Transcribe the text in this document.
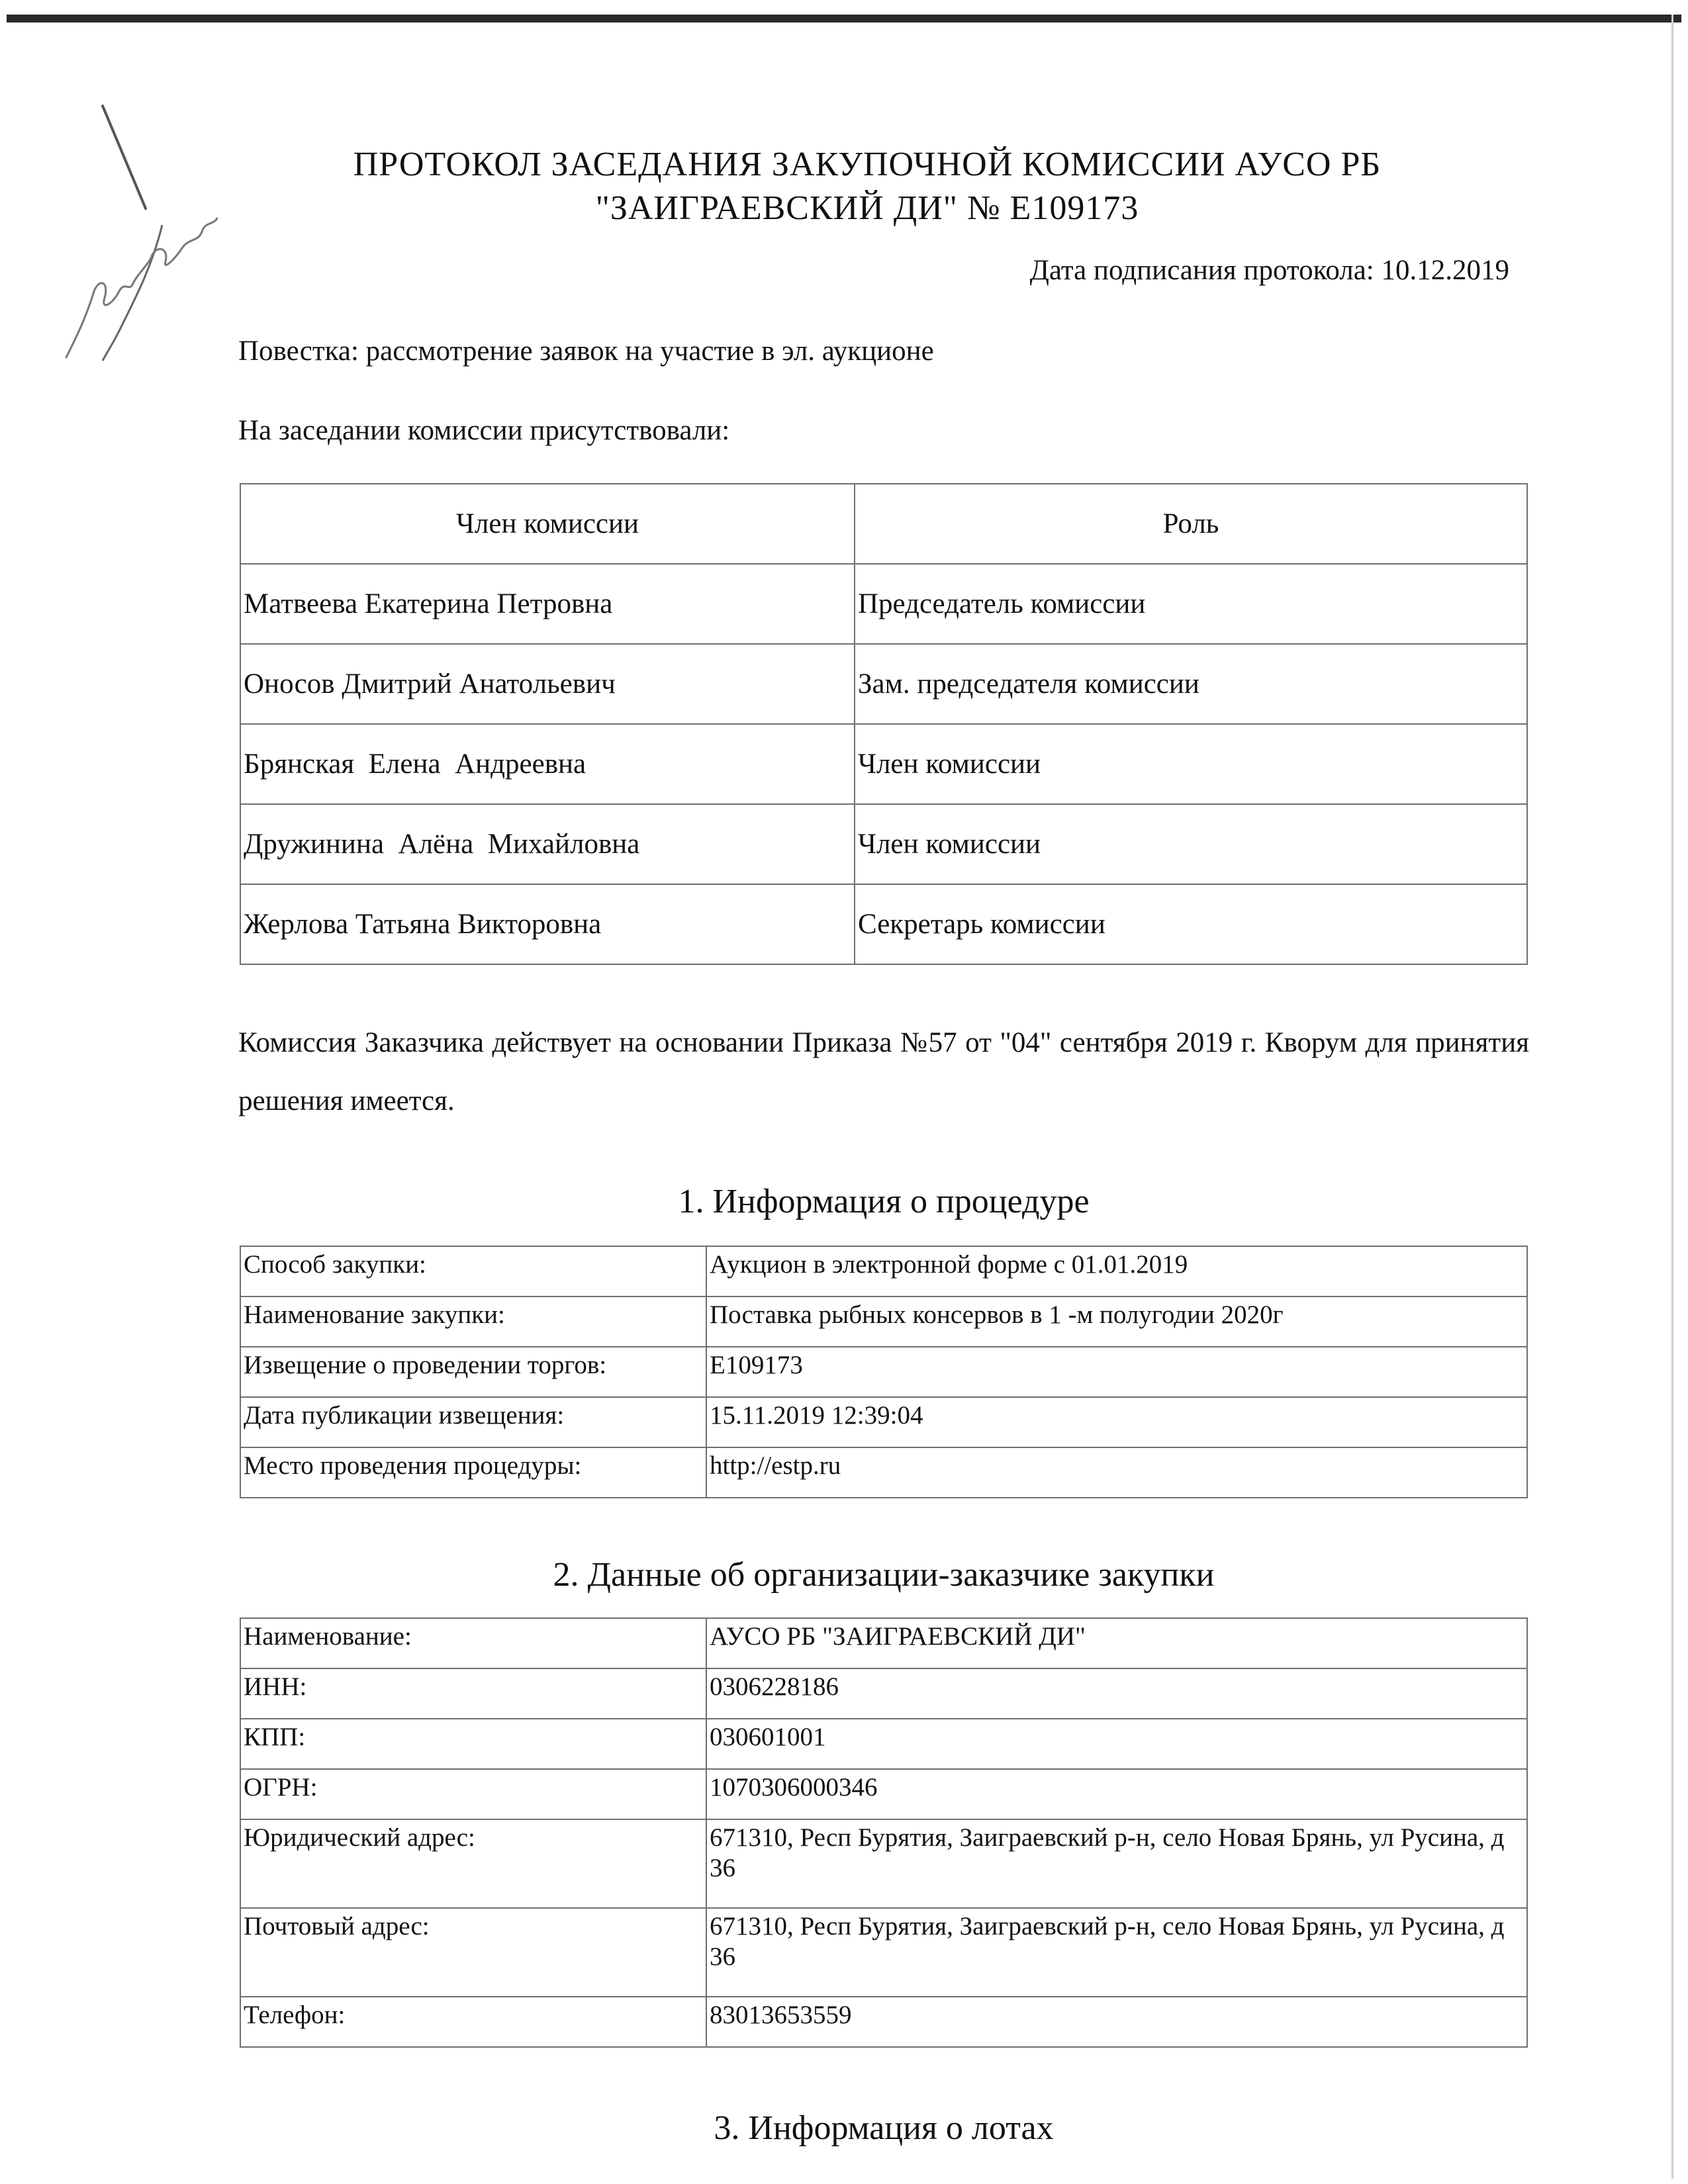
ПРОТОКОЛ ЗАСЕДАНИЯ ЗАКУПОЧНОЙ КОМИССИИ АУСО РБ
"ЗАИГРАЕВСКИЙ ДИ" № E109173
Дата подписания протокола: 10.12.2019
Повестка: рассмотрение заявок на участие в эл. аукционе
На заседании комиссии присутствовали:
Член комиссии	Роль
Матвеева Екатерина Петровна	Председатель комиссии
Оносов Дмитрий Анатольевич	Зам. председателя комиссии
Брянская  Елена  Андреевна	Член комиссии
Дружинина  Алёна  Михайловна	Член комиссии
Жерлова Татьяна Викторовна	Секретарь комиссии
Комиссия Заказчика действует на основании Приказа №57 от "04" сентября 2019 г. Кворум для принятия решения имеется.
1. Информация о процедуре
Способ закупки:	Аукцион в электронной форме с 01.01.2019
Наименование закупки:	Поставка рыбных консервов в 1 -м полугодии 2020г
Извещение о проведении торгов:	E109173
Дата публикации извещения:	15.11.2019 12:39:04
Место проведения процедуры:	http://estp.ru
2. Данные об организации-заказчике закупки
Наименование:	АУСО РБ "ЗАИГРАЕВСКИЙ ДИ"
ИНН:	0306228186
КПП:	030601001
ОГРН:	1070306000346
Юридический адрес:	671310, Респ Бурятия, Заиграевский р-н, село Новая Брянь, ул Русина, д 36
Почтовый адрес:	671310, Респ Бурятия, Заиграевский р-н, село Новая Брянь, ул Русина, д 36
Телефон:	83013653559
3. Информация о лотах
